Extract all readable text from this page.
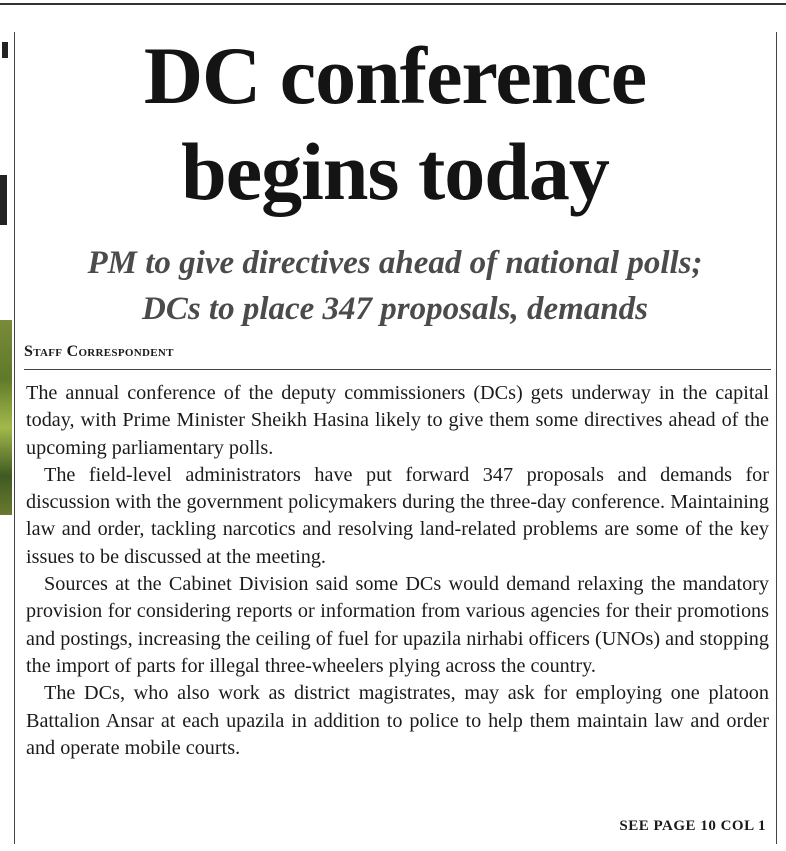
DC conference
begins today
PM to give directives ahead of national polls;
DCs to place 347 proposals, demands
Staff Correspondent

The annual conference of the deputy commissioners (DCs) gets underway in the capital today, with Prime Minister Sheikh Hasina likely to give them some directives ahead of the upcoming parliamentary polls.

The field-level administrators have put forward 347 proposals and demands for discussion with the government policymakers during the three-day conference. Maintaining law and order, tackling narcotics and resolving land-related problems are some of the key issues to be discussed at the meeting.

Sources at the Cabinet Division said some DCs would demand relaxing the mandatory provision for considering reports or information from various agencies for their promotions and postings, increasing the ceiling of fuel for upazila nirhabi officers (UNOs) and stopping the import of parts for illegal three-wheelers plying across the country.

The DCs, who also work as district magistrates, may ask for employing one platoon Battalion Ansar at each upazila in addition to police to help them maintain law and order and operate mobile courts.

SEE PAGE 10 COL 1
